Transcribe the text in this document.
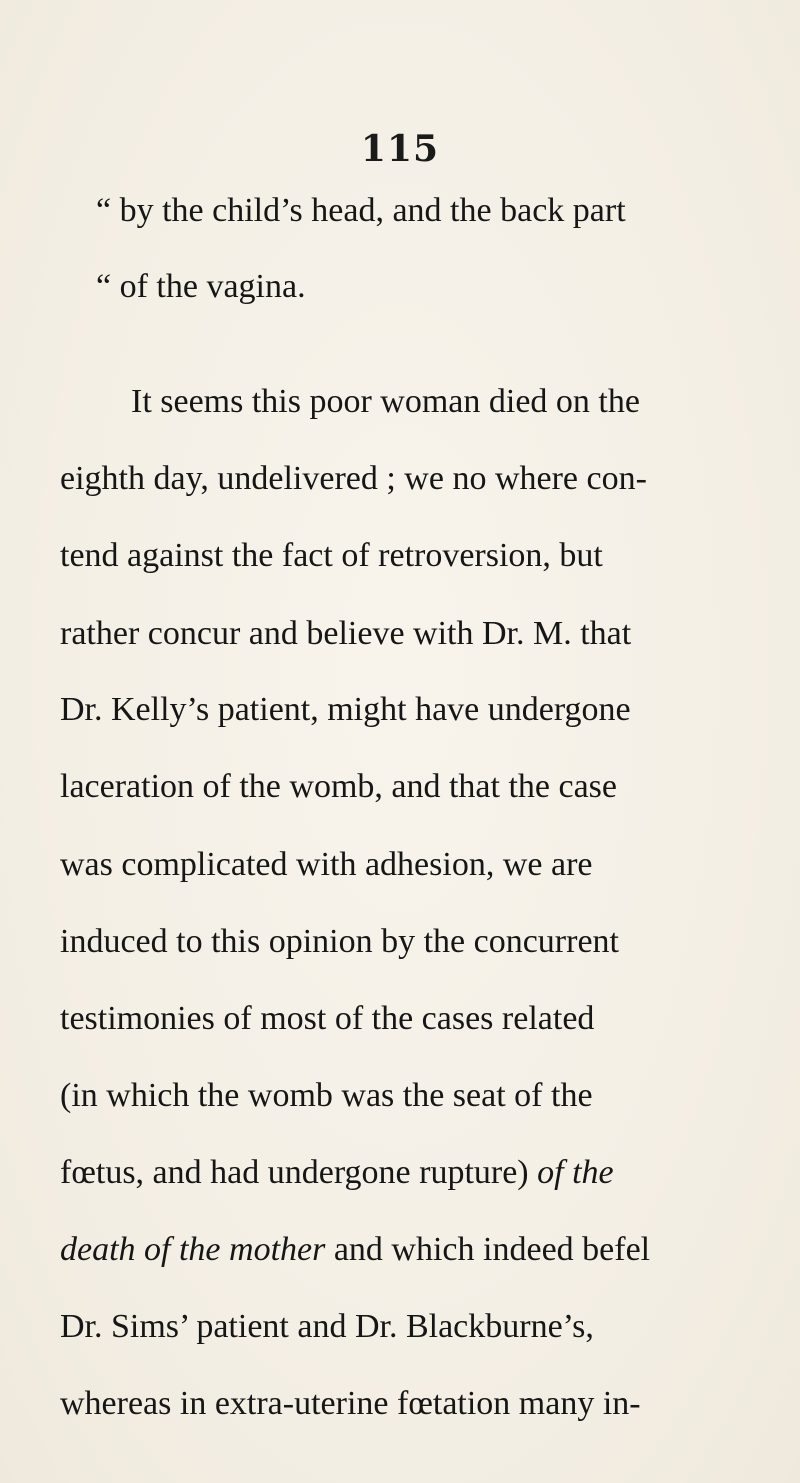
115
“ by the child’s head, and the back part
“ of the vagina.
It seems this poor woman died on the
eighth day, undelivered ; we no where con-
tend against the fact of retroversion, but
rather concur and believe with Dr. M. that
Dr. Kelly’s patient, might have undergone
laceration of the womb, and that the case
was complicated with adhesion, we are
induced to this opinion by the concurrent
testimonies of most of the cases related
(in which the womb was the seat of the
fœtus, and had undergone rupture) of the
death of the mother and which indeed befel
Dr. Sims’ patient and Dr. Blackburne’s,
whereas in extra-uterine fœtation many in-
